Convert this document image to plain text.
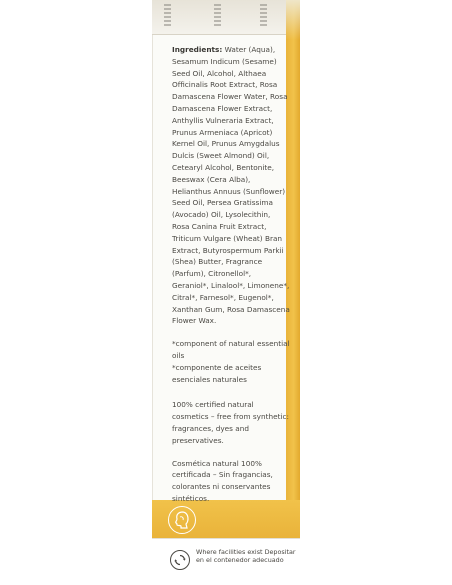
Ingredients: Water (Aqua), Sesamum Indicum (Sesame) Seed Oil, Alcohol, Althaea Officinalis Root Extract, Rosa Damascena Flower Water, Rosa Damascena Flower Extract, Anthyllis Vulneraria Extract, Prunus Armeniaca (Apricot) Kernel Oil, Prunus Amygdalus Dulcis (Sweet Almond) Oil, Cetearyl Alcohol, Bentonite, Beeswax (Cera Alba), Helianthus Annuus (Sunflower) Seed Oil, Persea Gratissima (Avocado) Oil, Lysolecithin, Rosa Canina Fruit Extract, Triticum Vulgare (Wheat) Bran Extract, Butyrospermum Parkii (Shea) Butter, Fragrance (Parfum), Citronellol*, Geraniol*, Linalool*, Limonene*, Citral*, Farnesol*, Eugenol*, Xanthan Gum, Rosa Damascena Flower Wax.

*component of natural essential oils
*componente de aceites esenciales naturales

100% certified natural cosmetics – free from synthetic: fragrances, dyes and preservatives.

Cosmética natural 100% certificada – Sin fragancias, colorantes ni conservantes sintéticos.

Where facilities exist Depositar en el contenedor adecuado
